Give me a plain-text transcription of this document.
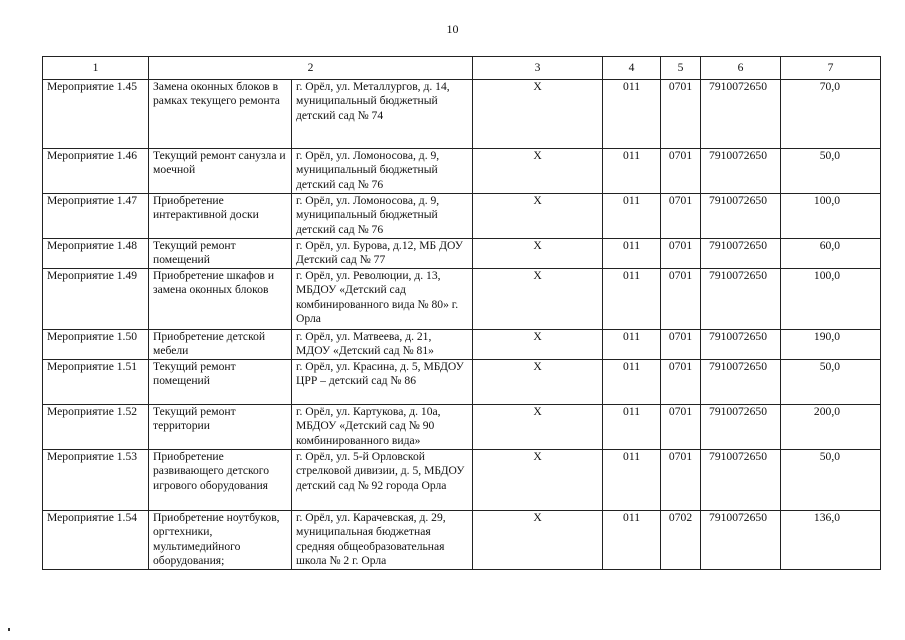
10
1	2		3	4	5	6	7
Мероприятие 1.45	Замена оконных блоков в рамках текущего ремонта	г. Орёл, ул. Металлургов, д. 14, муниципальный бюджетный детский сад № 74	Х	011	0701	7910072650	70,0
Мероприятие 1.46	Текущий ремонт санузла и моечной	г. Орёл, ул. Ломоносова, д. 9, муниципальный бюджетный детский сад № 76	Х	011	0701	7910072650	50,0
Мероприятие 1.47	Приобретение интерактивной доски	г. Орёл, ул. Ломоносова, д. 9, муниципальный бюджетный детский сад № 76	Х	011	0701	7910072650	100,0
Мероприятие 1.48	Текущий ремонт помещений	г. Орёл, ул. Бурова, д.12, МБ ДОУ Детский сад № 77	Х	011	0701	7910072650	60,0
Мероприятие 1.49	Приобретение шкафов и замена оконных блоков	г. Орёл, ул. Революции, д. 13, МБДОУ «Детский сад комбинированного вида № 80» г. Орла	Х	011	0701	7910072650	100,0
Мероприятие 1.50	Приобретение детской мебели	г. Орёл, ул. Матвеева, д. 21, МДОУ «Детский сад № 81»	Х	011	0701	7910072650	190,0
Мероприятие 1.51	Текущий ремонт помещений	г. Орёл, ул. Красина, д. 5, МБДОУ ЦРР – детский сад № 86	Х	011	0701	7910072650	50,0
Мероприятие 1.52	Текущий ремонт территории	г. Орёл, ул. Картукова, д. 10а, МБДОУ «Детский сад № 90 комбинированного вида»	Х	011	0701	7910072650	200,0
Мероприятие 1.53	Приобретение развивающего детского игрового оборудования	г. Орёл, ул. 5-й Орловской стрелковой дивизии, д. 5, МБДОУ детский сад № 92 города Орла	Х	011	0701	7910072650	50,0
Мероприятие 1.54	Приобретение ноутбуков, оргтехники, мультимедийного оборудования;	г. Орёл, ул. Карачевская, д. 29, муниципальная бюджетная средняя общеобразовательная школа № 2 г. Орла	Х	011	0702	7910072650	136,0
